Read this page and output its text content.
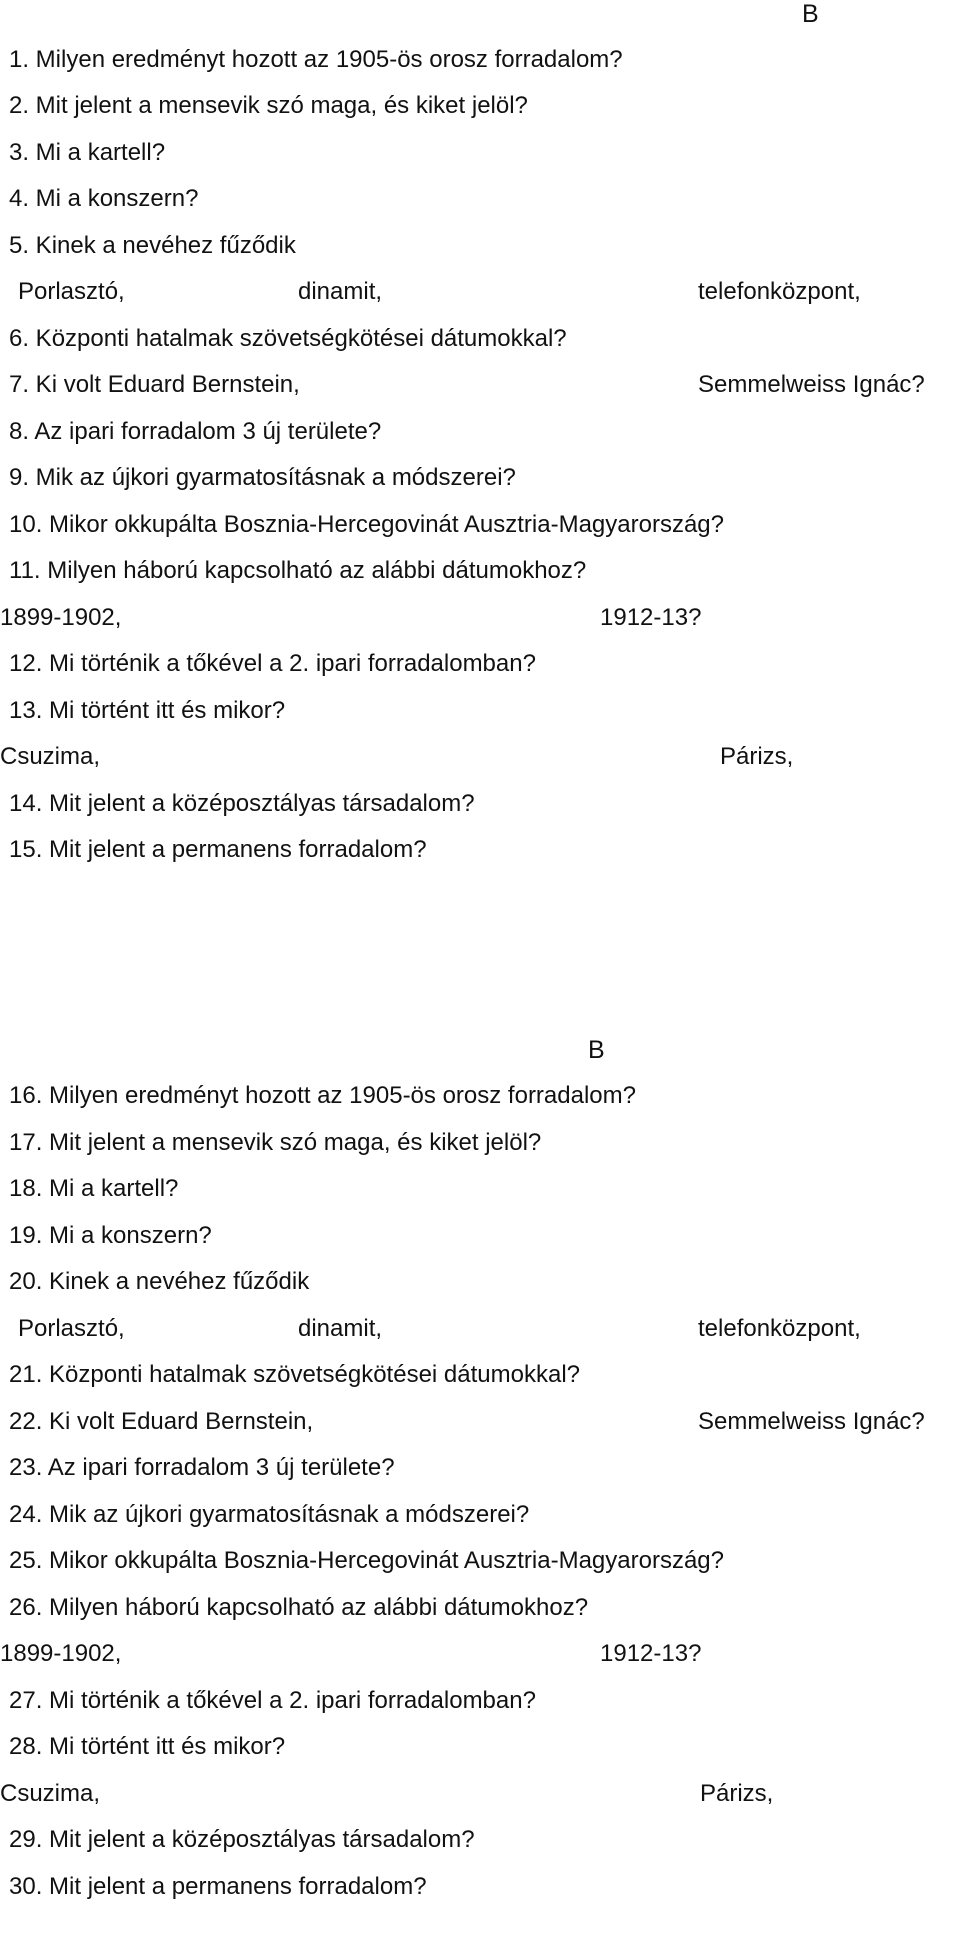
B
1. Milyen eredményt hozott az 1905-ös orosz forradalom?
2. Mit jelent a mensevik szó maga, és kiket jelöl?
3. Mi a kartell?
4. Mi a konszern?
5. Kinek a nevéhez fűződik
Porlasztó,	dinamit,	telefonközpont,
6. Központi hatalmak szövetségkötései dátumokkal?
7. Ki volt Eduard Bernstein,	Semmelweiss Ignác?
8. Az ipari forradalom 3 új területe?
9. Mik az újkori gyarmatosításnak a módszerei?
10. Mikor okkupálta Bosznia-Hercegovinát Ausztria-Magyarország?
11. Milyen háború kapcsolható az alábbi dátumokhoz?
1899-1902,	1912-13?
12. Mi történik a tőkével a 2. ipari forradalomban?
13. Mi történt itt és mikor?
Csuzima,	Párizs,
14. Mit jelent a középosztályas társadalom?
15. Mit jelent a permanens forradalom?
B
16. Milyen eredményt hozott az 1905-ös orosz forradalom?
17. Mit jelent a mensevik szó maga, és kiket jelöl?
18. Mi a kartell?
19. Mi a konszern?
20. Kinek a nevéhez fűződik
Porlasztó,	dinamit,	telefonközpont,
21. Központi hatalmak szövetségkötései dátumokkal?
22. Ki volt Eduard Bernstein,	Semmelweiss Ignác?
23. Az ipari forradalom 3 új területe?
24. Mik az újkori gyarmatosításnak a módszerei?
25. Mikor okkupálta Bosznia-Hercegovinát Ausztria-Magyarország?
26. Milyen háború kapcsolható az alábbi dátumokhoz?
1899-1902,	1912-13?
27. Mi történik a tőkével a 2. ipari forradalomban?
28. Mi történt itt és mikor?
Csuzima,	Párizs,
29. Mit jelent a középosztályas társadalom?
30. Mit jelent a permanens forradalom?
